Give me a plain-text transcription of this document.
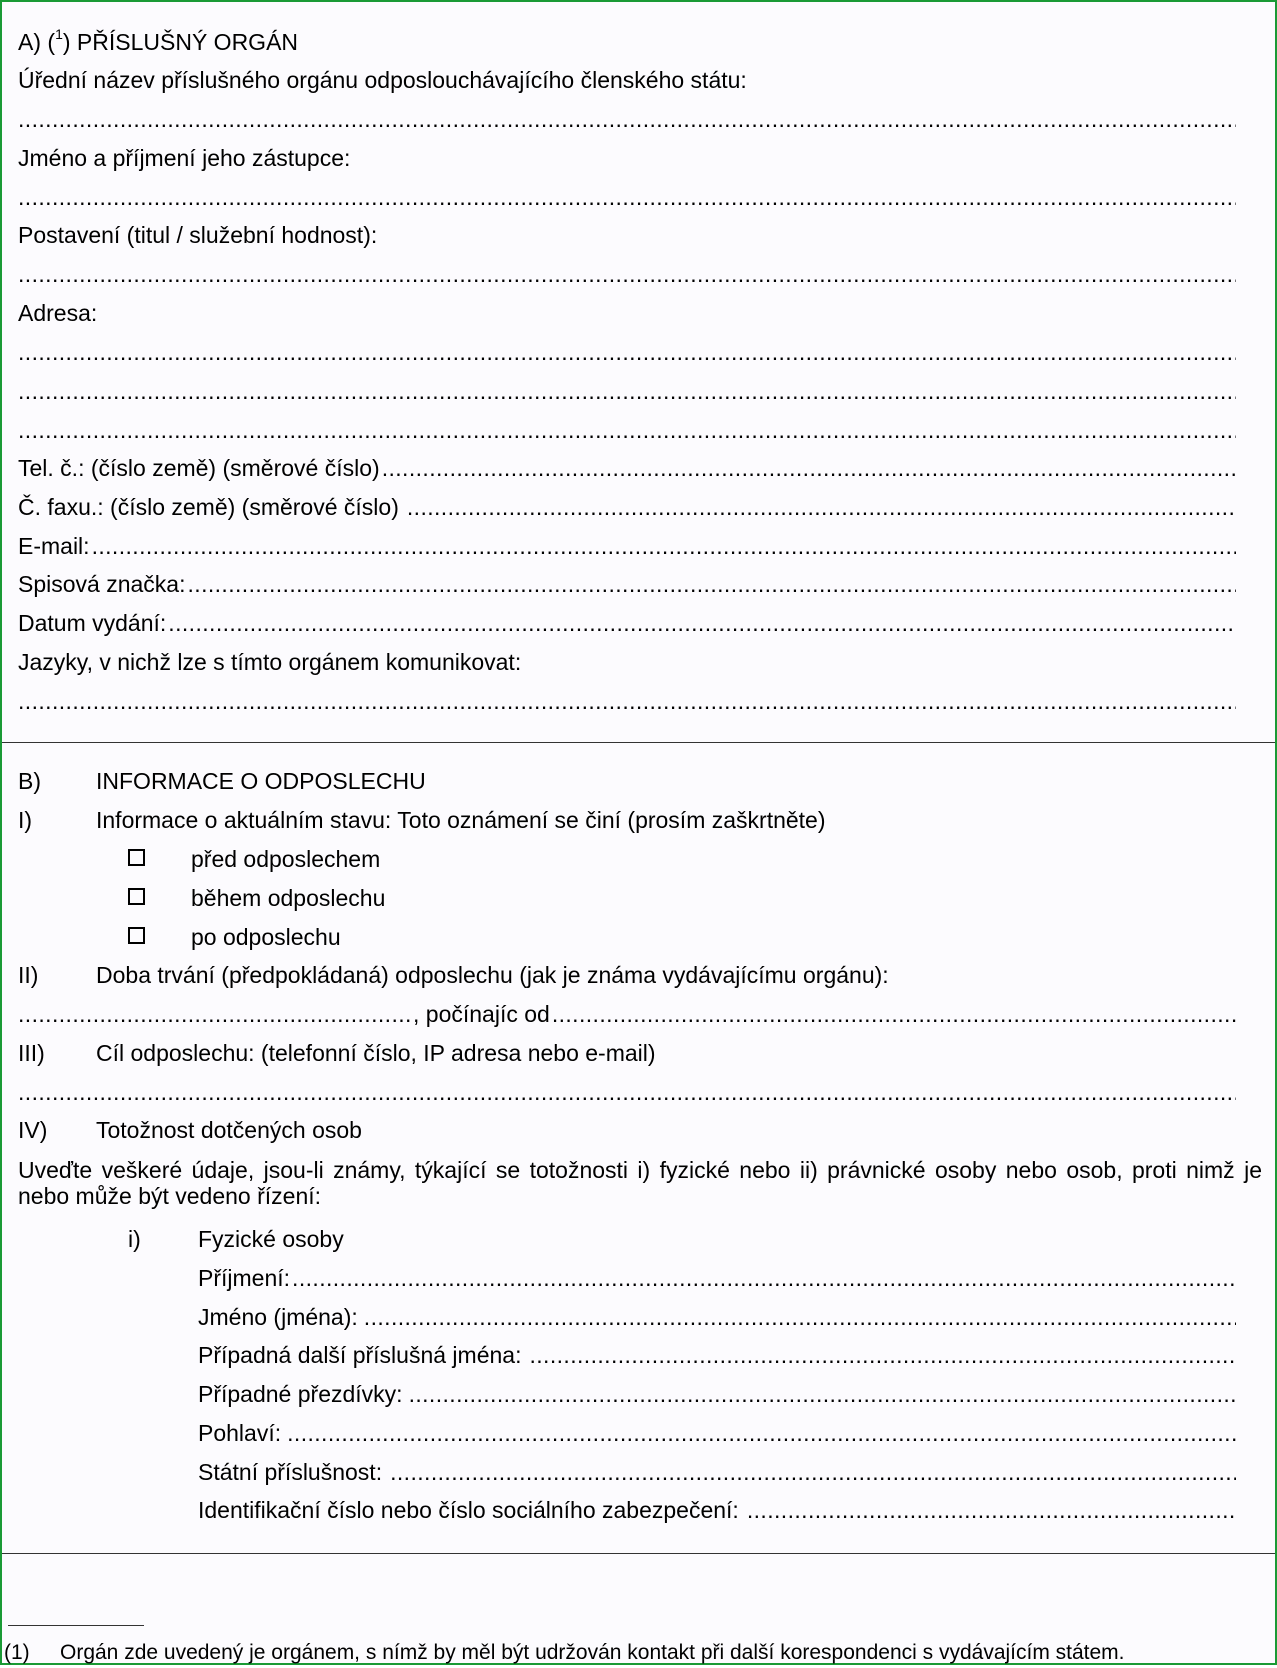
A) ($^1$) PŘÍSLUŠNÝ ORGÁN
Úřední název příslušného orgánu odposlouchávajícího členského státu:
.....
Jméno a příjmení jeho zástupce:
.....
Postavení (titul / služební hodnost):
.....
Adresa:
.....
.....
.....
Tel. č.: (číslo země) (směrové číslo)
.....
Č. faxu.: (číslo země) (směrové číslo)
.....
E-mail:
.....
Spisová značka:
.....
Datum vydání:
.....
Jazyky, v nichž lze s tímto orgánem komunikovat:
.....
B) INFORMACE O ODPOSLECHU
I)	Informace o aktuálním stavu: Toto oznámení se činí (prosím zaškrtněte)
před odposlechem
během odposlechu
po odposlechu
II)	Doba trvání (předpokládaná) odposlechu (jak je známa vydávajícímu orgánu):
.....
, počínajíc od
.....
III) Cíl odposlechu: (telefonní číslo, IP adresa nebo e-mail)
.....
IV) Totožnost dotčených osob
Uveďte veškeré údaje, jsou-li známy, týkající se totožnosti i) fyzické nebo ii) právnické osoby nebo osob, proti nimž je nebo může být vedeno řízení:
i) Fyzické osoby
Příjmení:
.....
Jméno (jména):
.....
Případná další příslušná jména:
.....
Případné přezdívky:
.....
Pohlaví:
.....
Státní příslušnost:
.....
Identifikační číslo nebo číslo sociálního zabezpečení:
.....
(1) Orgán zde uvedený je orgánem, s nímž by měl být udržován kontakt při další korespondenci s vydávajícím státem.
